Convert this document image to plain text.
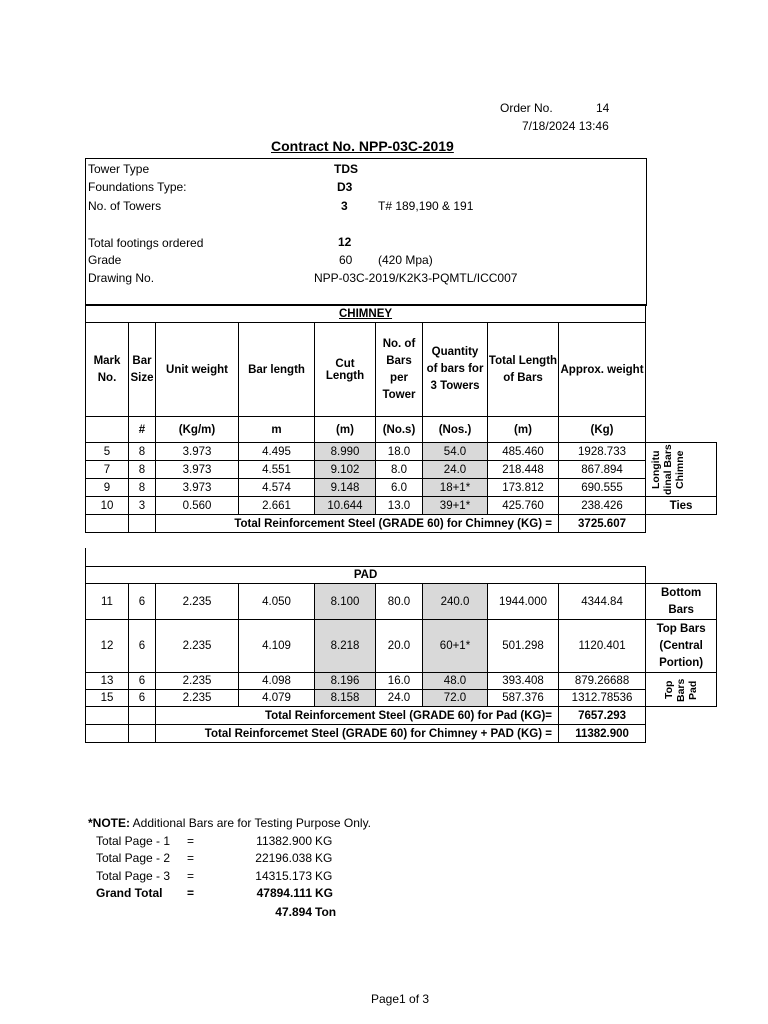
Order No.	14
7/18/2024 13:46
Contract No. NPP-03C-2019
Tower Type	TDS
Foundations Type:	D3
No. of Towers	3	T# 189,190 & 191
Total footings ordered	12
Grade	60 (420 Mpa)
Drawing No.	NPP-03C-2019/K2K3-PQMTL/ICC007
CHIMNEY									
Mark No.	Bar Size	Unit weight	Bar length	Cut Length	No. of Bars per Tower	Quantity of bars for 3 Towers	Total Length of Bars	Approx. weight	
	#	(Kg/m)	m	(m)	(No.s)	(Nos.)	(m)	(Kg)	
5	8	3.973	4.495	8.990	18.0	54.0	485.460	1928.733	Longitu dinal Bars Chimne

7	8	3.973	4.551	9.102	8.0	24.0	218.448	867.894	
9	8	3.973	4.574	9.148	6.0	18+1*	173.812	690.555	
10	3	0.560	2.661	10.644	13.0	39+1*	425.760	238.426	Ties
		Total Reinforcement Steel (GRADE 60) for Chimney (KG) =						3725.607	
PAD									
11	6	2.235	4.050	8.100	80.0	240.0	1944.000	4344.84	Bottom Bars
12	6	2.235	4.109	8.218	20.0	60+1*	501.298	1120.401	Top Bars (Central Portion)
13	6	2.235	4.098	8.196	16.0	48.0	393.408	879.26688	Top Bars Pad

15	6	2.235	4.079	8.158	24.0	72.0	587.376	1312.78536	
		Total Reinforcement Steel (GRADE 60) for Pad (KG)=						7657.293	
		Total Reinforcemet Steel (GRADE 60) for Chimney + PAD (KG) =						11382.900	
*NOTE: Additional Bars are for Testing Purpose Only.
Total Page - 1 =	11382.900 KG
Total Page - 2 =	22196.038 KG
Total Page - 3 =	14315.173 KG
Grand Total =	47894.111 KG
47.894 Ton
Page1 of 3
